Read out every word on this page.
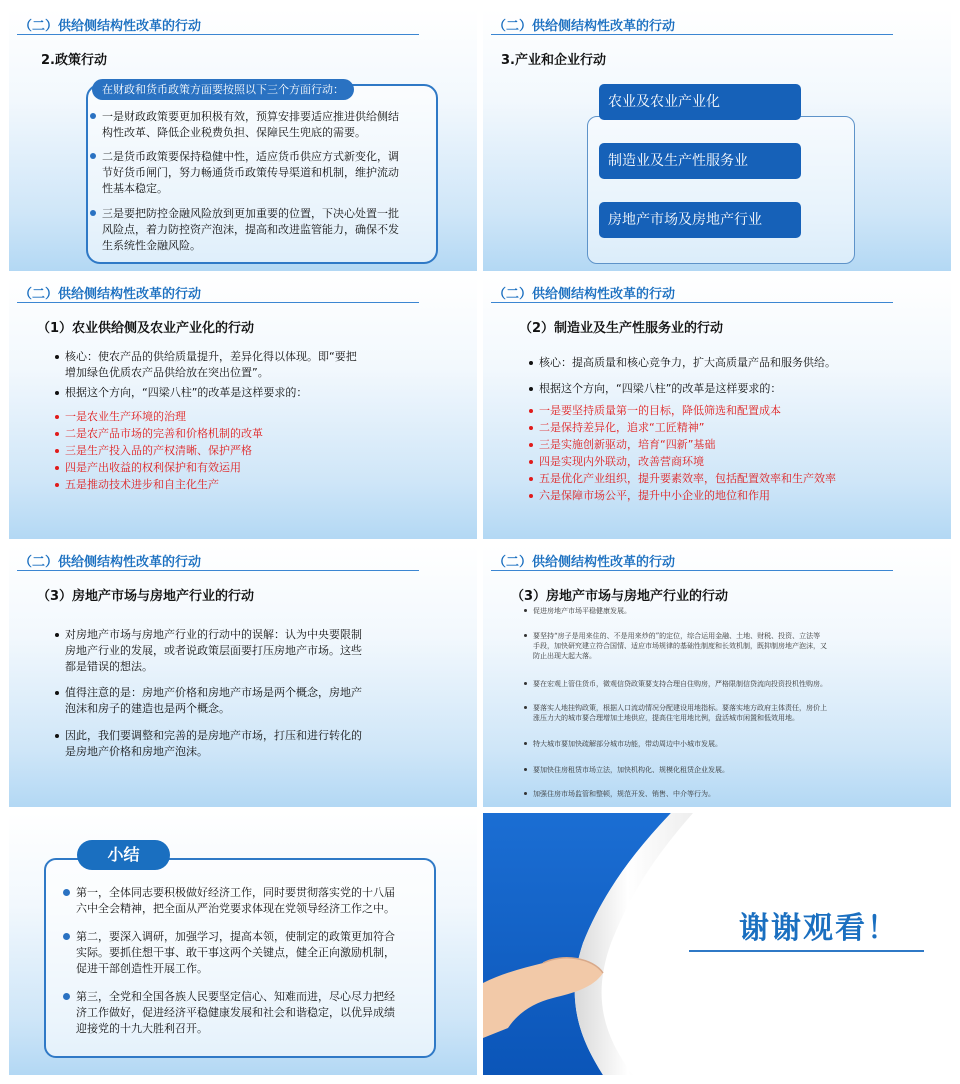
（二）供给侧结构性改革的行动
2.政策行动
在财政和货币政策方面要按照以下三个方面行动：
一是财政政策要更加积极有效，预算安排要适应推进供给侧结
构性改革、降低企业税费负担、保障民生兜底的需要。
二是货币政策要保持稳健中性，适应货币供应方式新变化，调
节好货币闸门，努力畅通货币政策传导渠道和机制，维护流动
性基本稳定。
三是要把防控金融风险放到更加重要的位置，下决心处置一批
风险点，着力防控资产泡沫，提高和改进监管能力，确保不发
生系统性金融风险。
（二）供给侧结构性改革的行动
3.产业和企业行动
农业及农业产业化
制造业及生产性服务业
房地产市场及房地产行业
（二）供给侧结构性改革的行动
（1）农业供给侧及农业产业化的行动
核心：使农产品的供给质量提升，差异化得以体现。即“要把
增加绿色优质农产品供给放在突出位置”。
根据这个方向，“四梁八柱”的改革是这样要求的：
一是农业生产环境的治理
二是农产品市场的完善和价格机制的改革
三是生产投入品的产权清晰、保护严格
四是产出收益的权利保护和有效运用
五是推动技术进步和自主化生产
（二）供给侧结构性改革的行动
（2）制造业及生产性服务业的行动
核心：提高质量和核心竞争力，扩大高质量产品和服务供给。
根据这个方向，“四梁八柱”的改革是这样要求的：
一是要坚持质量第一的目标，降低筛选和配置成本
二是保持差异化，追求“工匠精神”
三是实施创新驱动，培育“四新”基础
四是实现内外联动，改善营商环境
五是优化产业组织，提升要素效率，包括配置效率和生产效率
六是保障市场公平，提升中小企业的地位和作用
（二）供给侧结构性改革的行动
（3）房地产市场与房地产行业的行动
对房地产市场与房地产行业的行动中的误解：认为中央要限制
房地产行业的发展，或者说政策层面要打压房地产市场。这些
都是错误的想法。
值得注意的是：房地产价格和房地产市场是两个概念，房地产
泡沫和房子的建造也是两个概念。
因此，我们要调整和完善的是房地产市场，打压和进行转化的
是房地产价格和房地产泡沫。
（二）供给侧结构性改革的行动
（3）房地产市场与房地产行业的行动
促进房地产市场平稳健康发展。
要坚持“房子是用来住的、不是用来炒的”的定位，综合运用金融、土地、财税、投资、立法等
手段，加快研究建立符合国情、适应市场规律的基础性制度和长效机制，既抑制房地产泡沫，又
防止出现大起大落。
要在宏观上管住货币，微观信贷政策要支持合理自住购房，严格限制信贷流向投资投机性购房。
要落实人地挂钩政策，根据人口流动情况分配建设用地指标。要落实地方政府主体责任，房价上
涨压力大的城市要合理增加土地供应，提高住宅用地比例，盘活城市闲置和低效用地。
特大城市要加快疏解部分城市功能，带动周边中小城市发展。
要加快住房租赁市场立法，加快机构化、规模化租赁企业发展。
加强住房市场监管和整顿，规范开发、销售、中介等行为。
小结
第一，全体同志要积极做好经济工作，同时要贯彻落实党的十八届
六中全会精神，把全面从严治党要求体现在党领导经济工作之中。
第二，要深入调研，加强学习，提高本领，使制定的政策更加符合
实际。要抓住想干事、敢干事这两个关键点，健全正向激励机制，
促进干部创造性开展工作。
第三，全党和全国各族人民要坚定信心、知难而进，尽心尽力把经
济工作做好，促进经济平稳健康发展和社会和谐稳定，以优异成绩
迎接党的十九大胜利召开。
谢谢观看！
